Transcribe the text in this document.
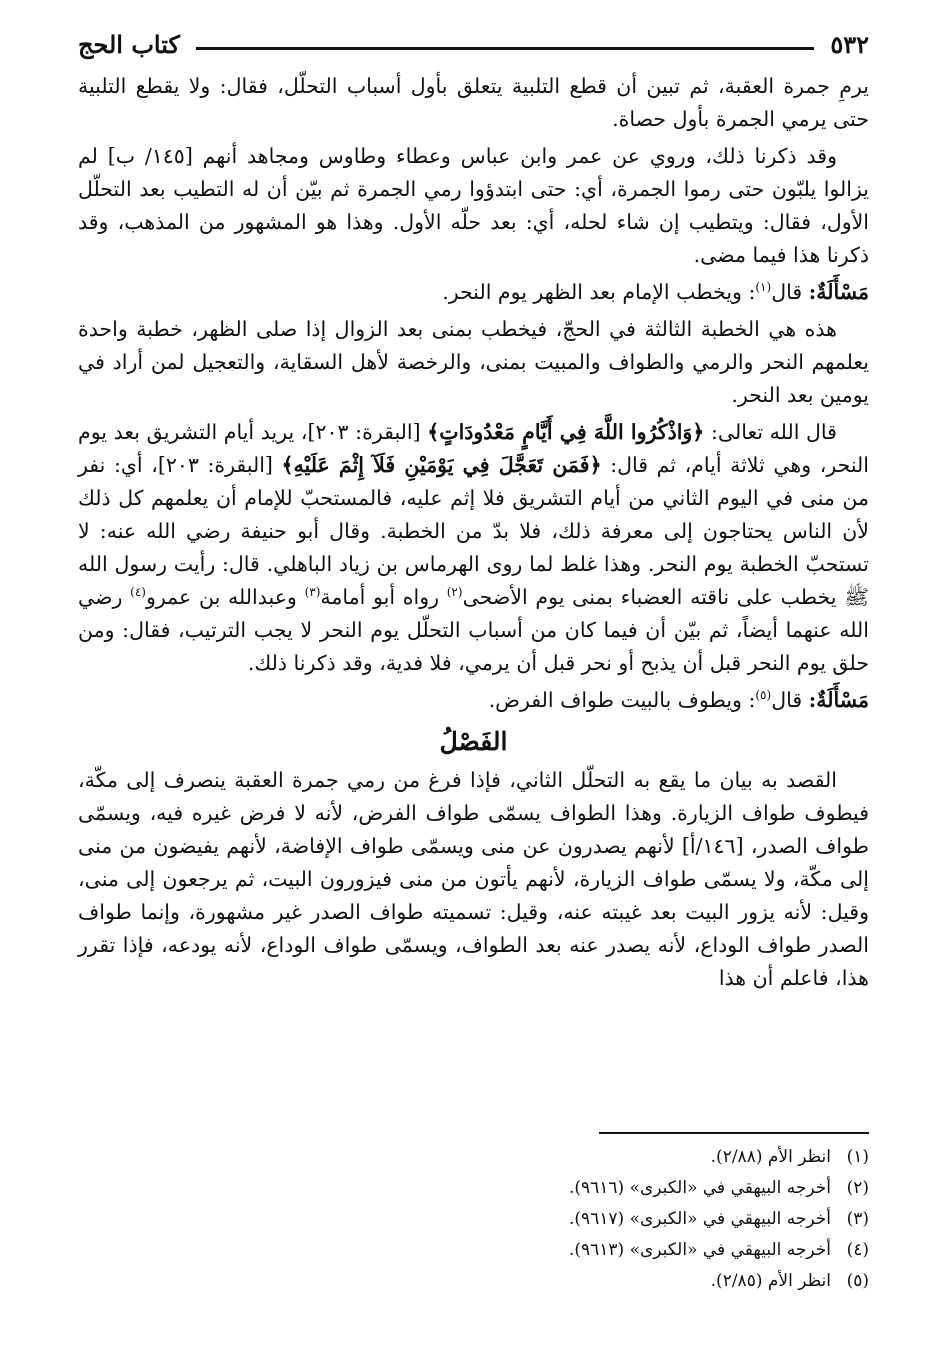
٥٣٢
كتاب الحج

يرمِ جمرة العقبة، ثم تبين أن قطع التلبية يتعلق بأول أسباب التحلّل، فقال: ولا يقطع التلبية حتى يرمي الجمرة بأول حصاة.

وقد ذكرنا ذلك، وروي عن عمر وابن عباس وعطاء وطاوس ومجاهد أنهم [١٤٥/ ب] لم يزالوا يلبّون حتى رموا الجمرة، أي: حتى ابتدؤوا رمي الجمرة ثم بيّن أن له التطيب بعد التحلّل الأول، فقال: ويتطيب إن شاء لحله، أي: بعد حلّه الأول. وهذا هو المشهور من المذهب، وقد ذكرنا هذا فيما مضى.

مَسْأَلَةٌ: قال$^{(١)}$: ويخطب الإمام بعد الظهر يوم النحر.

هذه هي الخطبة الثالثة في الحجّ، فيخطب بمنى بعد الزوال إذا صلى الظهر، خطبة واحدة يعلمهم النحر والرمي والطواف والمبيت بمنى، والرخصة لأهل السقاية، والتعجيل لمن أراد في يومين بعد النحر.

قال الله تعالى: ﴿وَاذْكُرُوا اللَّهَ فِي أَيَّامٍ مَعْدُودَاتٍ﴾ [البقرة: ٢٠٣]، يريد أيام التشريق بعد يوم النحر، وهي ثلاثة أيام، ثم قال: ﴿فَمَن تَعَجَّلَ فِي يَوْمَيْنِ فَلَآ إِثْمَ عَلَيْهِ﴾ [البقرة: ٢٠٣]، أي: نفر من منى في اليوم الثاني من أيام التشريق فلا إثم عليه، فالمستحبّ للإمام أن يعلمهم كل ذلك لأن الناس يحتاجون إلى معرفة ذلك، فلا بدّ من الخطبة. وقال أبو حنيفة رضي الله عنه: لا تستحبّ الخطبة يوم النحر. وهذا غلط لما روى الهرماس بن زياد الباهلي. قال: رأيت رسول الله ﷺ يخطب على ناقته العضباء بمنى يوم الأضحى$^{(٢)}$ رواه أبو أمامة$^{(٣)}$ وعبدالله بن عمرو$^{(٤)}$ رضي الله عنهما أيضاً، ثم بيّن أن فيما كان من أسباب التحلّل يوم النحر لا يجب الترتيب، فقال: ومن حلق يوم النحر قبل أن يذبح أو نحر قبل أن يرمي، فلا فدية، وقد ذكرنا ذلك.

مَسْأَلَةٌ: قال$^{(٥)}$: ويطوف بالبيت طواف الفرض.

الفَصْلُ

القصد به بيان ما يقع به التحلّل الثاني، فإذا فرغ من رمي جمرة العقبة ينصرف إلى مكّة، فيطوف طواف الزيارة. وهذا الطواف يسمّى طواف الفرض، لأنه لا فرض غيره فيه، ويسمّى طواف الصدر، [١٤٦/أ] لأنهم يصدرون عن منى ويسمّى طواف الإفاضة، لأنهم يفيضون من منى إلى مكّة، ولا يسمّى طواف الزيارة، لأنهم يأتون من منى فيزورون البيت، ثم يرجعون إلى منى، وقيل: لأنه يزور البيت بعد غيبته عنه، وقيل: تسميته طواف الصدر غير مشهورة، وإنما طواف الصدر طواف الوداع، لأنه يصدر عنه بعد الطواف، ويسمّى طواف الوداع، لأنه يودعه، فإذا تقرر هذا، فاعلم أن هذا

(١)
انظر الأم (٢/٨٨).
(٢)
أخرجه البيهقي في «الكبرى» (٩٦١٦).
(٣)
أخرجه البيهقي في «الكبرى» (٩٦١٧).
(٤)
أخرجه البيهقي في «الكبرى» (٩٦١٣).
(٥)
انظر الأم (٢/٨٥).
